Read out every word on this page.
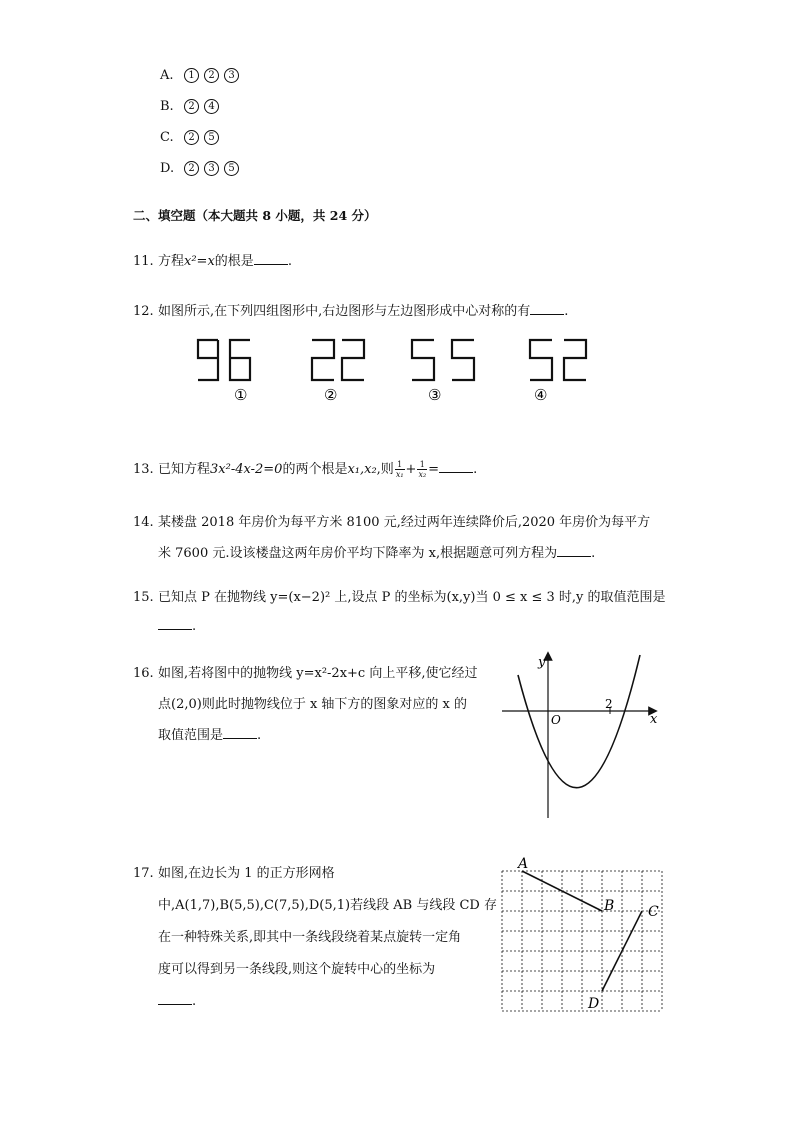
A. 1 2 3
B. 2 4
C. 2 5
D. 2 3 5
二、填空题（本大题共 8 小题，共 24 分）
11. 方程x²=x的根是	.
12. 如图所示,在下列四组图形中,右边图形与左边图形成中心对称的有	.
①	②	③	④
13. 已知方程3x²-4x-2=0的两个根是x₁,x₂,则 $\frac{1}{\text{x₁}} + \frac{1}{\text{x₂}}$ =	.
14. 某楼盘 2018 年房价为每平方米 8100 元,经过两年连续降价后,2020 年房价为每平方
米 7600 元.设该楼盘这两年房价平均下降率为 x,根据题意可列方程为	.
15. 已知点 P 在抛物线 y=(x−2)² 上,设点 P 的坐标为(x,y)当 0 ≤ x ≤ 3 时,y 的取值范围是
.
16. 如图,若将图中的抛物线 y=x²-2x+c 向上平移,使它经过
点(2,0)则此时抛物线位于 x 轴下方的图象对应的 x 的
取值范围是	.
y
x
O
2
17. 如图,在边长为 1 的正方形网格
中,A(1,7),B(5,5),C(7,5),D(5,1)若线段 AB 与线段 CD 存
在一种特殊关系,即其中一条线段绕着某点旋转一定角
度可以得到另一条线段,则这个旋转中心的坐标为
.
A
B C
D
